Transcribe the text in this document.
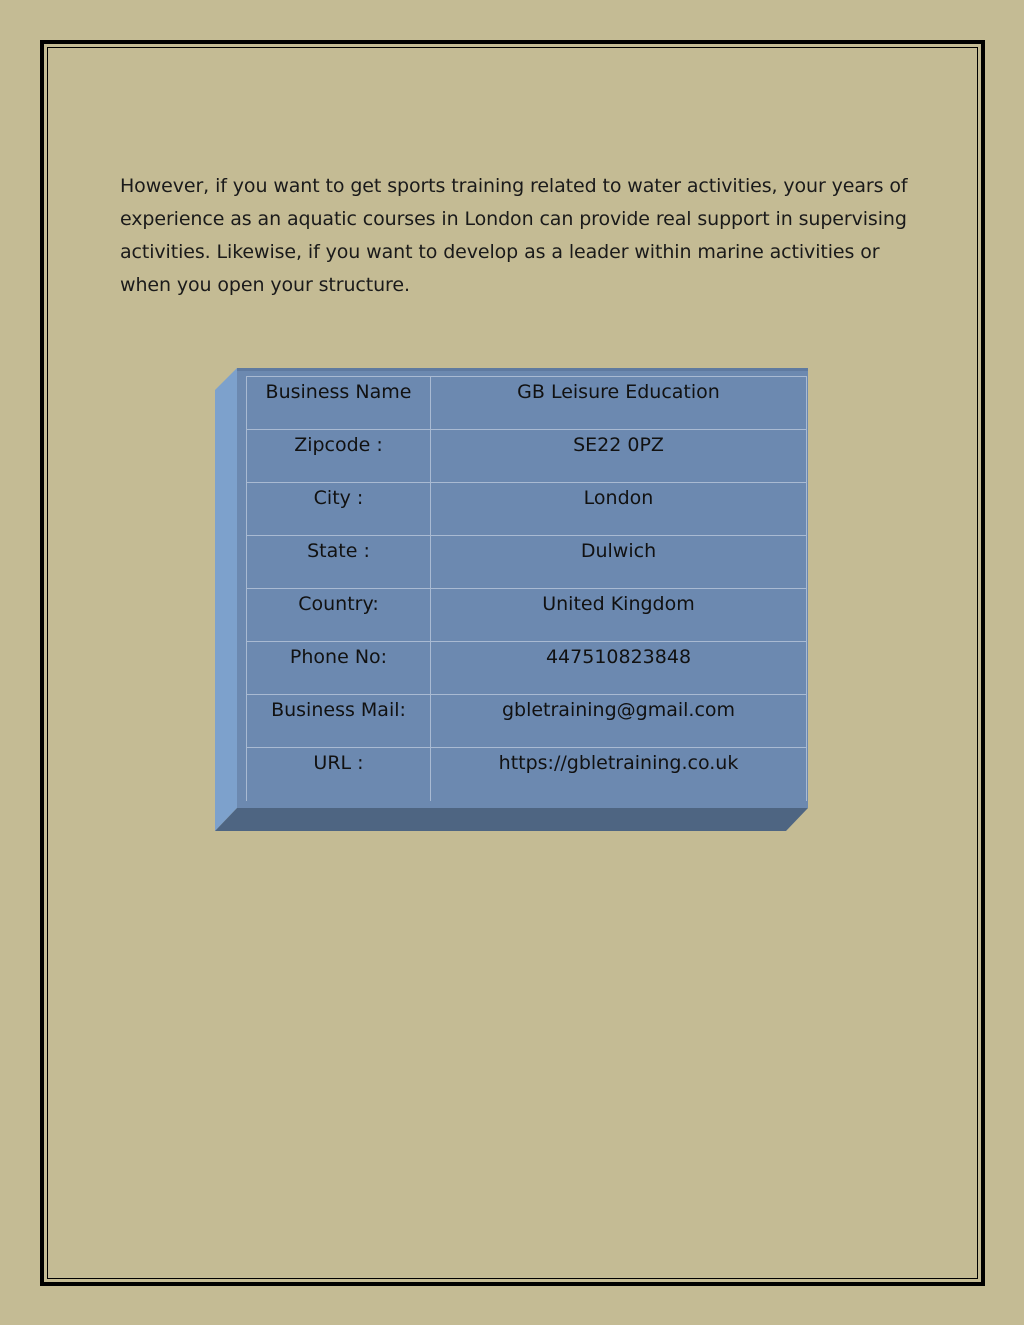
However, if you want to get sports training related to water activities, your years of experience as an aquatic courses in London can provide real support in supervising activities. Likewise, if you want to develop as a leader within marine activities or when you open your structure.

Business Name	GB Leisure Education
Zipcode :	SE22 0PZ
City :	London
State :	Dulwich
Country:	United Kingdom
Phone No:	447510823848
Business Mail:	gbletraining@gmail.com
URL :	https://gbletraining.co.uk
